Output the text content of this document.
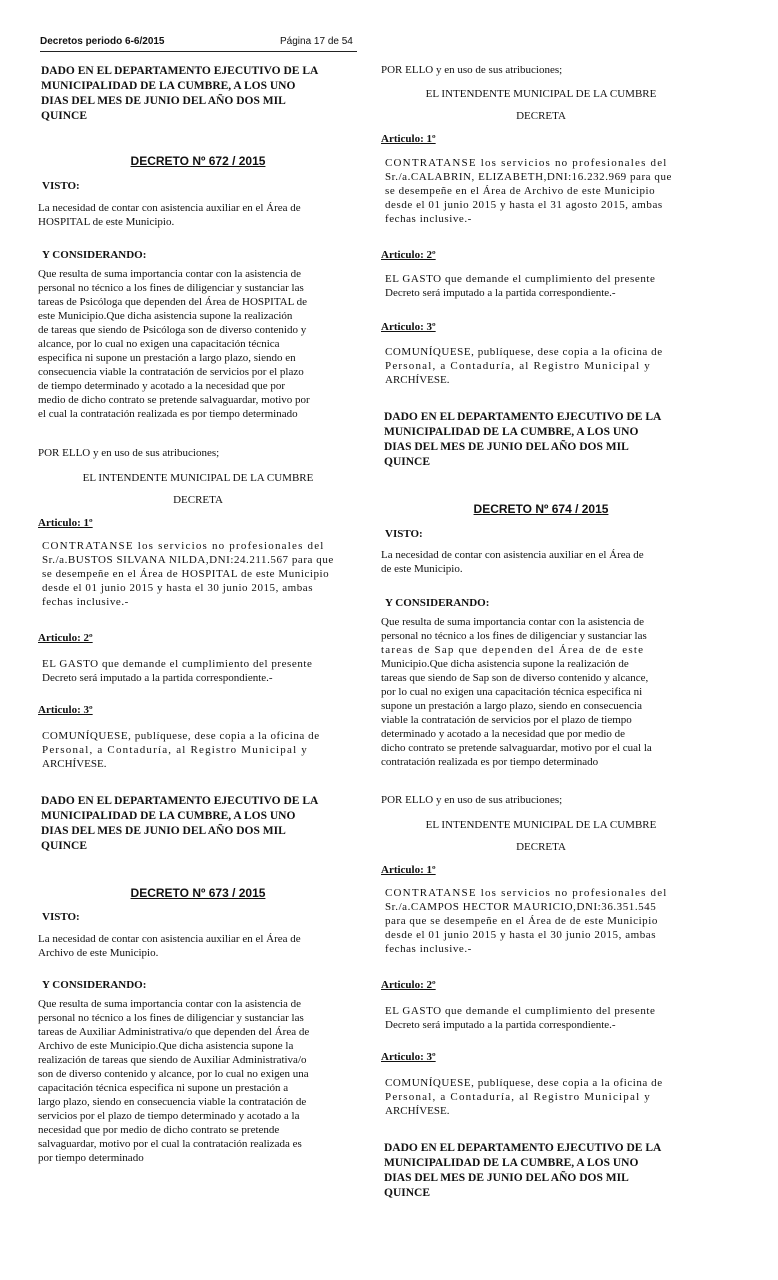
Decretos periodo 6-6/2015	Página 17 de 54
DADO EN EL DEPARTAMENTO EJECUTIVO DE LA
MUNICIPALIDAD DE LA CUMBRE, A LOS UNO
DIAS DEL MES DE JUNIO DEL AÑO DOS MIL
QUINCE
DECRETO Nº 672 / 2015
VISTO:
La necesidad de contar con asistencia auxiliar en el Área de
HOSPITAL de este Municipio.
Y CONSIDERANDO:
Que resulta de suma importancia contar con la asistencia de
personal no técnico a los fines de diligenciar y sustanciar las
tareas de Psicóloga que dependen del Área de HOSPITAL de
este Municipio.Que dicha asistencia supone la realización
de tareas que siendo de Psicóloga son de diverso contenido y
alcance, por lo cual no exigen una capacitación técnica
especifica ni supone un prestación a largo plazo, siendo en
consecuencia viable la contratación de servicios por el plazo
de tiempo determinado y acotado a la necesidad que por
medio de dicho contrato se pretende salvaguardar, motivo por
el cual la contratación realizada es por tiempo determinado
POR ELLO y en uso de sus atribuciones;
EL INTENDENTE MUNICIPAL DE LA CUMBRE
DECRETA
Articulo: 1º
CONTRATANSE los servicios no profesionales del
Sr./a.BUSTOS SILVANA NILDA,DNI:24.211.567 para que
se desempeñe en el Área de HOSPITAL de este Municipio
desde el 01 junio 2015 y hasta el 30 junio 2015, ambas
fechas inclusive.-
Articulo: 2º
EL GASTO que demande el cumplimiento del presente
Decreto será imputado a la partida correspondiente.-
Articulo: 3º
COMUNÍQUESE, publíquese, dese copia a la oficina de
Personal, a Contaduría, al Registro Municipal y
ARCHÍVESE.
DADO EN EL DEPARTAMENTO EJECUTIVO DE LA
MUNICIPALIDAD DE LA CUMBRE, A LOS UNO
DIAS DEL MES DE JUNIO DEL AÑO DOS MIL
QUINCE
DECRETO Nº 673 / 2015
VISTO:
La necesidad de contar con asistencia auxiliar en el Área de
Archivo de este Municipio.
Y CONSIDERANDO:
Que resulta de suma importancia contar con la asistencia de
personal no técnico a los fines de diligenciar y sustanciar las
tareas de Auxiliar Administrativa/o que dependen del Área de
Archivo de este Municipio.Que dicha asistencia supone la
realización de tareas que siendo de Auxiliar Administrativa/o
son de diverso contenido y alcance, por lo cual no exigen una
capacitación técnica especifica ni supone un prestación a
largo plazo, siendo en consecuencia viable la contratación de
servicios por el plazo de tiempo determinado y acotado a la
necesidad que por medio de dicho contrato se pretende
salvaguardar, motivo por el cual la contratación realizada es
por tiempo determinado
POR ELLO y en uso de sus atribuciones;
EL INTENDENTE MUNICIPAL DE LA CUMBRE
DECRETA
Articulo: 1º
CONTRATANSE los servicios no profesionales del
Sr./a.CALABRIN, ELIZABETH,DNI:16.232.969 para que
se desempeñe en el Área de Archivo de este Municipio
desde el 01 junio 2015 y hasta el 31 agosto 2015, ambas
fechas inclusive.-
Articulo: 2º
EL GASTO que demande el cumplimiento del presente
Decreto será imputado a la partida correspondiente.-
Articulo: 3º
COMUNÍQUESE, publíquese, dese copia a la oficina de
Personal, a Contaduría, al Registro Municipal y
ARCHÍVESE.
DADO EN EL DEPARTAMENTO EJECUTIVO DE LA
MUNICIPALIDAD DE LA CUMBRE, A LOS UNO
DIAS DEL MES DE JUNIO DEL AÑO DOS MIL
QUINCE
DECRETO Nº 674 / 2015
VISTO:
La necesidad de contar con asistencia auxiliar en el Área de
de este Municipio.
Y CONSIDERANDO:
Que resulta de suma importancia contar con la asistencia de
personal no técnico a los fines de diligenciar y sustanciar las
tareas de Sap que dependen del Área de de este
Municipio.Que dicha asistencia supone la realización de
tareas que siendo de Sap son de diverso contenido y alcance,
por lo cual no exigen una capacitación técnica especifica ni
supone un prestación a largo plazo, siendo en consecuencia
viable la contratación de servicios por el plazo de tiempo
determinado y acotado a la necesidad que por medio de
dicho contrato se pretende salvaguardar, motivo por el cual la
contratación realizada es por tiempo determinado
POR ELLO y en uso de sus atribuciones;
EL INTENDENTE MUNICIPAL DE LA CUMBRE
DECRETA
Articulo: 1º
CONTRATANSE los servicios no profesionales del
Sr./a.CAMPOS HECTOR MAURICIO,DNI:36.351.545
para que se desempeñe en el Área de de este Municipio
desde el 01 junio 2015 y hasta el 30 junio 2015, ambas
fechas inclusive.-
Articulo: 2º
EL GASTO que demande el cumplimiento del presente
Decreto será imputado a la partida correspondiente.-
Articulo: 3º
COMUNÍQUESE, publíquese, dese copia a la oficina de
Personal, a Contaduría, al Registro Municipal y
ARCHÍVESE.
DADO EN EL DEPARTAMENTO EJECUTIVO DE LA
MUNICIPALIDAD DE LA CUMBRE, A LOS UNO
DIAS DEL MES DE JUNIO DEL AÑO DOS MIL
QUINCE
